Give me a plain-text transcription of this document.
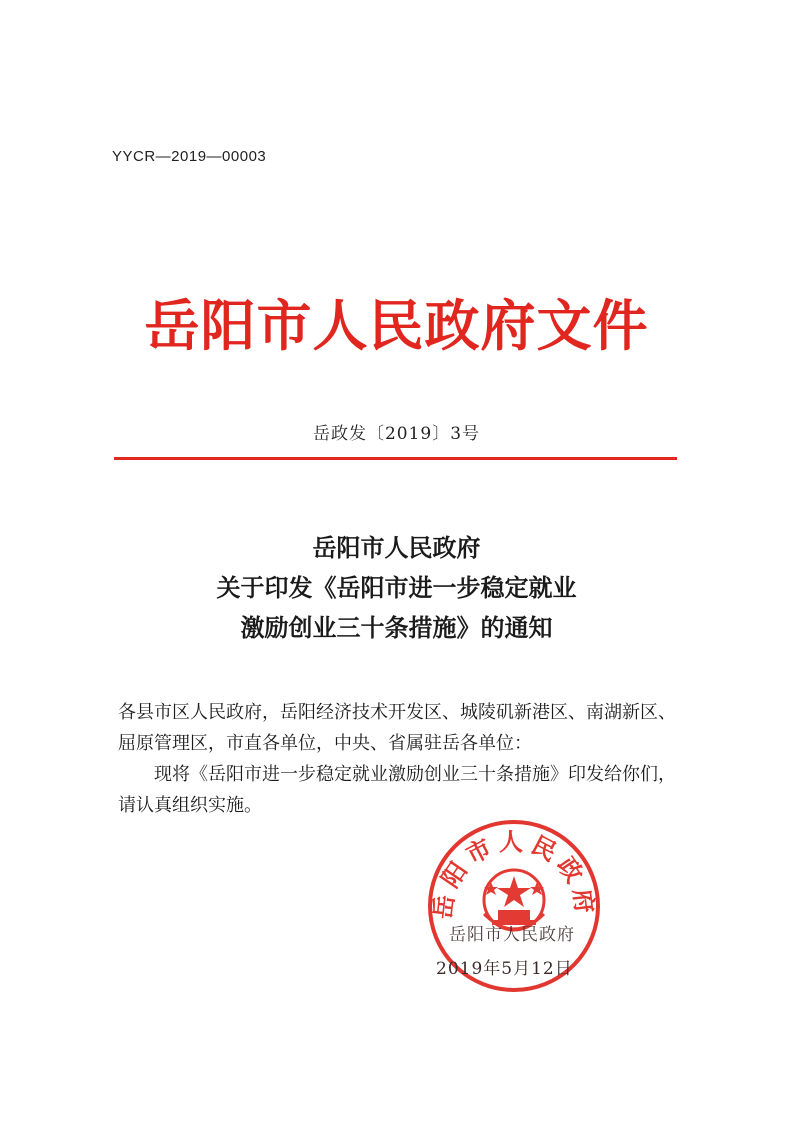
YYCR—2019—00003
岳阳市人民政府文件
岳政发〔2019〕3号
岳阳市人民政府
关于印发《岳阳市进一步稳定就业
激励创业三十条措施》的通知

各县市区人民政府，岳阳经济技术开发区、城陵矶新港区、南湖新区、屈原管理区，市直各单位，中央、省属驻岳各单位：

现将《岳阳市进一步稳定就业激励创业三十条措施》印发给你们，请认真组织实施。

岳阳市人民政府
岳阳市人民政府
2019年5月12日
